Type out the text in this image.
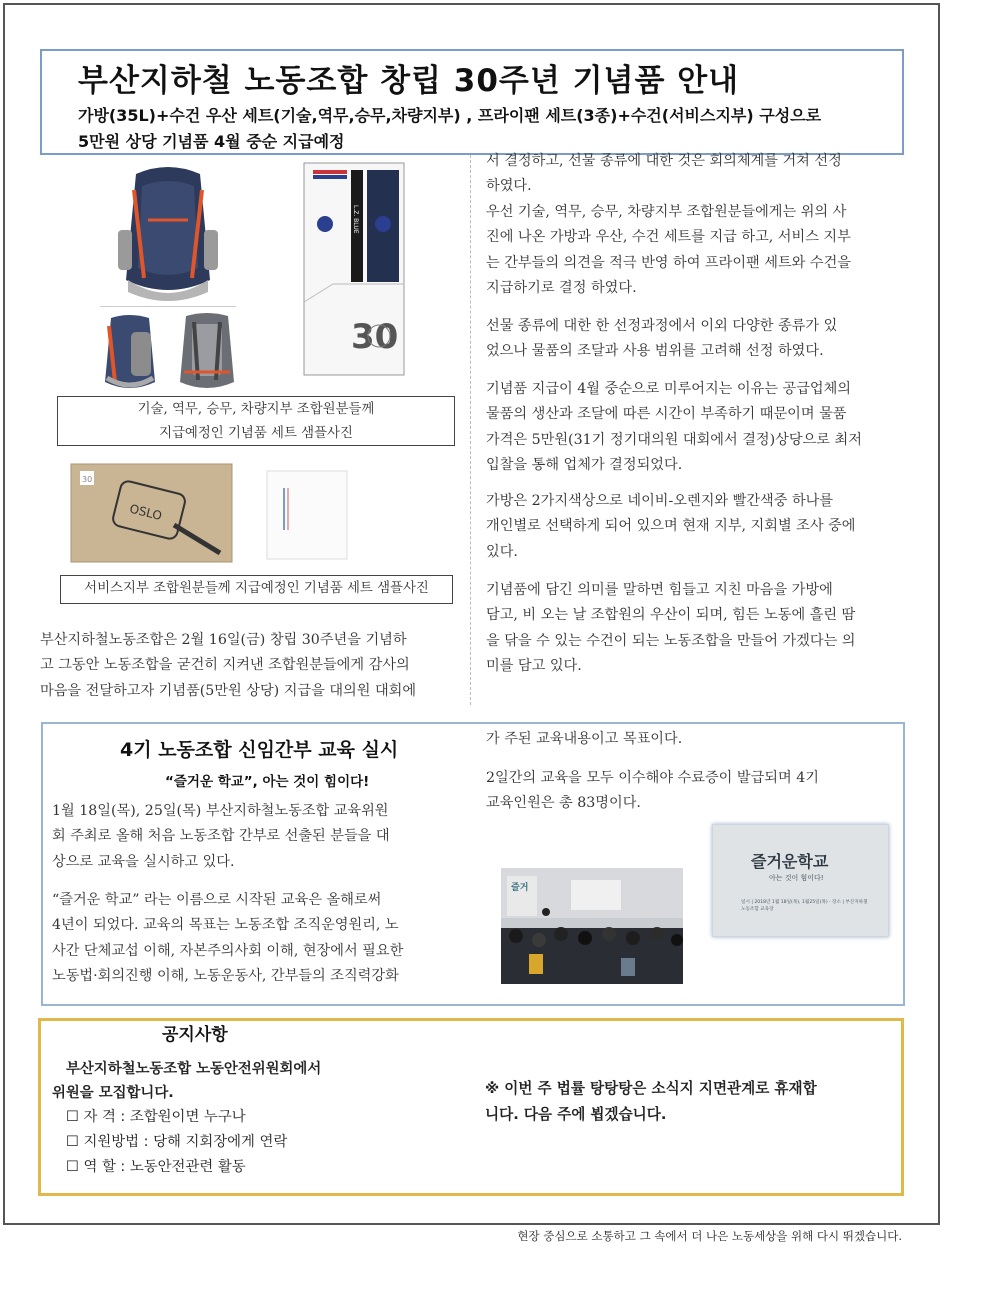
부산지하철 노동조합 창립 30주년 기념품 안내
가방(35L)+수건 우산 세트(기술,역무,승무,차량지부) , 프라이팬 세트(3종)+수건(서비스지부) 구성으로
5만원 상당 기념품 4월 중순 지급예정
30
L.Z. BLUE
기술, 역무, 승무, 차량지부 조합원분들께
지급예정인 기념품 세트 샘플사진
OSLO
30
서비스지부 조합원분들께 지급예정인 기념품 세트 샘플사진
부산지하철노동조합은 2월 16일(금) 창립 30주년을 기념하
고 그동안 노동조합을 굳건히 지켜낸 조합원분들에게 감사의
마음을 전달하고자 기념품(5만원 상당) 지급을 대의원 대회에
서 결정하고, 선물 종류에 대한 것은 회의체계를 거쳐 선정
하였다.
우선 기술, 역무, 승무, 차량지부 조합원분들에게는 위의 사
진에 나온 가방과 우산, 수건 세트를 지급 하고, 서비스 지부
는 간부들의 의견을 적극 반영 하여 프라이팬 세트와 수건을
지급하기로 결정 하였다.
선물 종류에 대한 한 선정과정에서 이외 다양한 종류가 있
었으나 물품의 조달과 사용 범위를 고려해 선정 하였다.
기념품 지급이 4월 중순으로 미루어지는 이유는 공급업체의
물품의 생산과 조달에 따른 시간이 부족하기 때문이며 물품
가격은 5만원(31기 정기대의원 대회에서 결정)상당으로 최저
입찰을 통해 업체가 결정되었다.
가방은 2가지색상으로 네이비-오렌지와 빨간색중 하나를
개인별로 선택하게 되어 있으며 현재 지부, 지회별 조사 중에
있다.
기념품에 담긴 의미를 말하면 힘들고 지친 마음을 가방에
담고, 비 오는 날 조합원의 우산이 되며, 힘든 노동에 흘린 땀
을 닦을 수 있는 수건이 되는 노동조합을 만들어 가겠다는 의
미를 담고 있다.
4기 노동조합 신임간부 교육 실시
“즐거운 학교”, 아는 것이 힘이다!
1월 18일(목), 25일(목) 부산지하철노동조합 교육위원
회 주최로 올해 처음 노동조합 간부로 선출된 분들을 대
상으로 교육을 실시하고 있다.
“즐거운 학교” 라는 이름으로 시작된 교육은 올해로써
4년이 되었다. 교육의 목표는 노동조합 조직운영원리, 노
사간 단체교섭 이해, 자본주의사회 이해, 현장에서 필요한
노동법·회의진행 이해, 노동운동사, 간부들의 조직력강화
가 주된 교육내용이고 목표이다.
2일간의 교육을 모두 이수해야 수료증이 발급되며 4기
교육인원은 총 83명이다.
즐거운학교
아는 것이 힘이다!
일시 | 2018년 1월 18일(목), 1월25일(목) · 장소 | 부산지하철노동조합 교육장
즐거
공지사항
부산지하철노동조합 노동안전위원회에서
위원을 모집합니다.
☐ 자 격 : 조합원이면 누구나
☐ 지원방법 : 당해 지회장에게 연락
☐ 역 할 : 노동안전관련 활동
※ 이번 주 법률 탕탕탕은 소식지 지면관계로 휴재합
니다. 다음 주에 뵙겠습니다.
현장 중심으로 소통하고 그 속에서 더 나은 노동세상을 위해 다시 뛰겠습니다.
